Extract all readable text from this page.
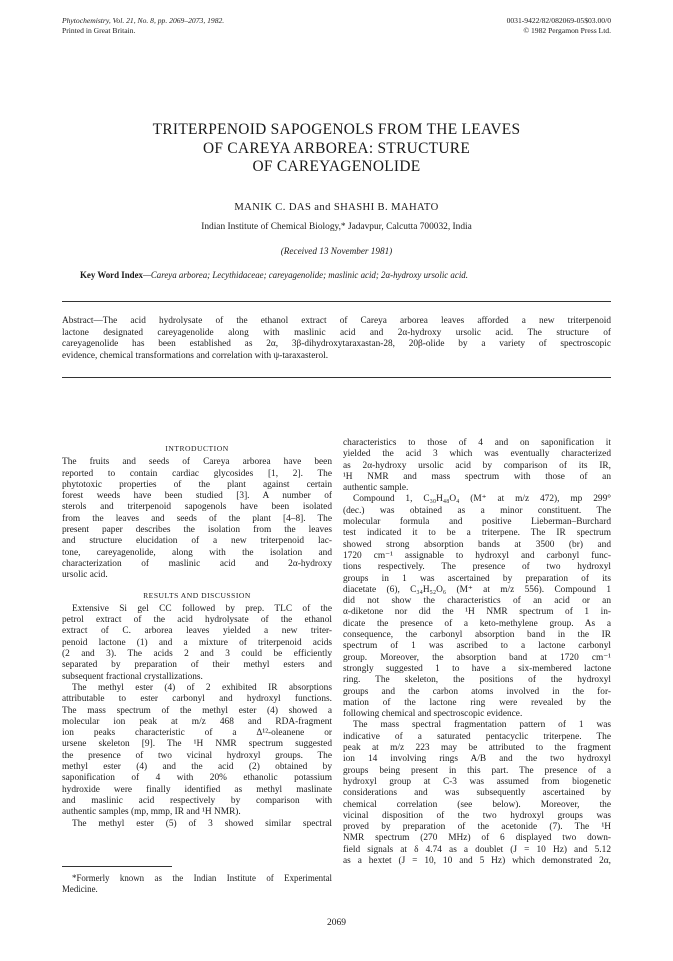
Phytochemistry, Vol. 21, No. 8, pp. 2069–2073, 1982.
Printed in Great Britain.
0031-9422/82/082069-05$03.00/0
© 1982 Pergamon Press Ltd.
TRITERPENOID SAPOGENOLS FROM THE LEAVES
OF CAREYA ARBOREA: STRUCTURE
OF CAREYAGENOLIDE
MANIK C. DAS and SHASHI B. MAHATO
Indian Institute of Chemical Biology,* Jadavpur, Calcutta 700032, India
(Received 13 November 1981)
Key Word Index—Careya arborea; Lecythidaceae; careyagenolide; maslinic acid; 2α-hydroxy ursolic acid.
Abstract—The acid hydrolysate of the ethanol extract of Careya arborea leaves afforded a new triterpenoid
lactone designated careyagenolide along with maslinic acid and 2α-hydroxy ursolic acid. The structure of
careyagenolide has been established as 2α, 3β-dihydroxytaraxastan-28, 20β-olide by a variety of spectroscopic
evidence, chemical transformations and correlation with ψ-taraxasterol.
INTRODUCTION
The fruits and seeds of Careya arborea have been
reported to contain cardiac glycosides [1, 2]. The
phytotoxic properties of the plant against certain
forest weeds have been studied [3]. A number of
sterols and triterpenoid sapogenols have been isolated
from the leaves and seeds of the plant [4–8]. The
present paper describes the isolation from the leaves
and structure elucidation of a new triterpenoid lac-
tone, careyagenolide, along with the isolation and
characterization of maslinic acid and 2α-hydroxy
ursolic acid.
RESULTS AND DISCUSSION
Extensive Si gel CC followed by prep. TLC of the
petrol extract of the acid hydrolysate of the ethanol
extract of C. arborea leaves yielded a new triter-
penoid lactone (1) and a mixture of triterpenoid acids
(2 and 3). The acids 2 and 3 could be efficiently
separated by preparation of their methyl esters and
subsequent fractional crystallizations.
The methyl ester (4) of 2 exhibited IR absorptions
attributable to ester carbonyl and hydroxyl functions.
The mass spectrum of the methyl ester (4) showed a
molecular ion peak at m/z 468 and RDA-fragment
ion peaks characteristic of a Δ¹²-oleanene or
ursene skeleton [9]. The ¹H NMR spectrum suggested
the presence of two vicinal hydroxyl groups. The
methyl ester (4) and the acid (2) obtained by
saponification of 4 with 20% ethanolic potassium
hydroxide were finally identified as methyl maslinate
and maslinic acid respectively by comparison with
authentic samples (mp, mmp, IR and ¹H NMR).
The methyl ester (5) of 3 showed similar spectral
characteristics to those of 4 and on saponification it
yielded the acid 3 which was eventually characterized
as 2α-hydroxy ursolic acid by comparison of its IR,
¹H NMR and mass spectrum with those of an
authentic sample.
Compound 1, C₃₀H₄₈O₄ (M⁺ at m/z 472), mp 299°
(dec.) was obtained as a minor constituent. The
molecular formula and positive Lieberman–Burchard
test indicated it to be a triterpene. The IR spectrum
showed strong absorption bands at 3500 (br) and
1720 cm⁻¹ assignable to hydroxyl and carbonyl func-
tions respectively. The presence of two hydroxyl
groups in 1 was ascertained by preparation of its
diacetate (6), C₃₄H₅₂O₆ (M⁺ at m/z 556). Compound 1
did not show the characteristics of an acid or an
α-diketone nor did the ¹H NMR spectrum of 1 in-
dicate the presence of a keto-methylene group. As a
consequence, the carbonyl absorption band in the IR
spectrum of 1 was ascribed to a lactone carbonyl
group. Moreover, the absorption band at 1720 cm⁻¹
strongly suggested 1 to have a six-membered lactone
ring. The skeleton, the positions of the hydroxyl
groups and the carbon atoms involved in the for-
mation of the lactone ring were revealed by the
following chemical and spectroscopic evidence.
The mass spectral fragmentation pattern of 1 was
indicative of a saturated pentacyclic triterpene. The
peak at m/z 223 may be attributed to the fragment
ion 14 involving rings A/B and the two hydroxyl
groups being present in this part. The presence of a
hydroxyl group at C-3 was assumed from biogenetic
considerations and was subsequently ascertained by
chemical correlation (see below). Moreover, the
vicinal disposition of the two hydroxyl groups was
proved by preparation of the acetonide (7). The ¹H
NMR spectrum (270 MHz) of 6 displayed two down-
field signals at δ 4.74 as a doublet (J = 10 Hz) and 5.12
as a hextet (J = 10, 10 and 5 Hz) which demonstrated 2α,
*Formerly known as the Indian Institute of Experimental
Medicine.
2069
